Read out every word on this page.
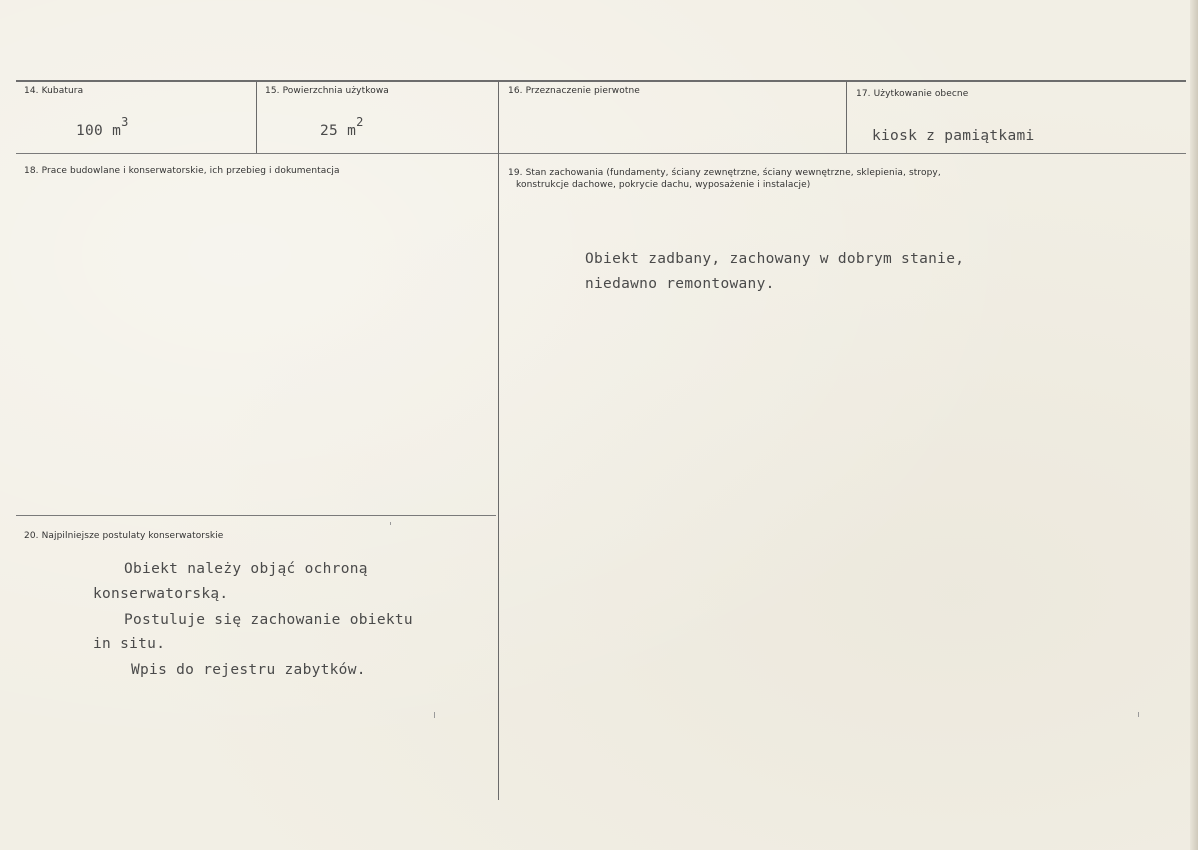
14. Kubatura
100 $m^3$
15. Powierzchnia użytkowa
25 $m^2$
16. Przeznaczenie pierwotne	17. Użytkowanie obecne
kiosk z pamiątkami
18. Prace budowlane i konserwatorskie, ich przebieg i dokumentacja	19. Stan zachowania (fundamenty, ściany zewnętrzne, ściany wewnętrzne, sklepienia, stropy,
konstrukcje dachowe, pokrycie dachu, wyposażenie i instalacje)
Obiekt zadbany, zachowany w dobrym stanie,
niedawno remontowany.
20. Najpilniejsze postulaty konserwatorskie
Obiekt należy objąć ochroną
konserwatorską.
Postuluje się zachowanie obiektu
in situ.
Wpis do rejestru zabytków.
